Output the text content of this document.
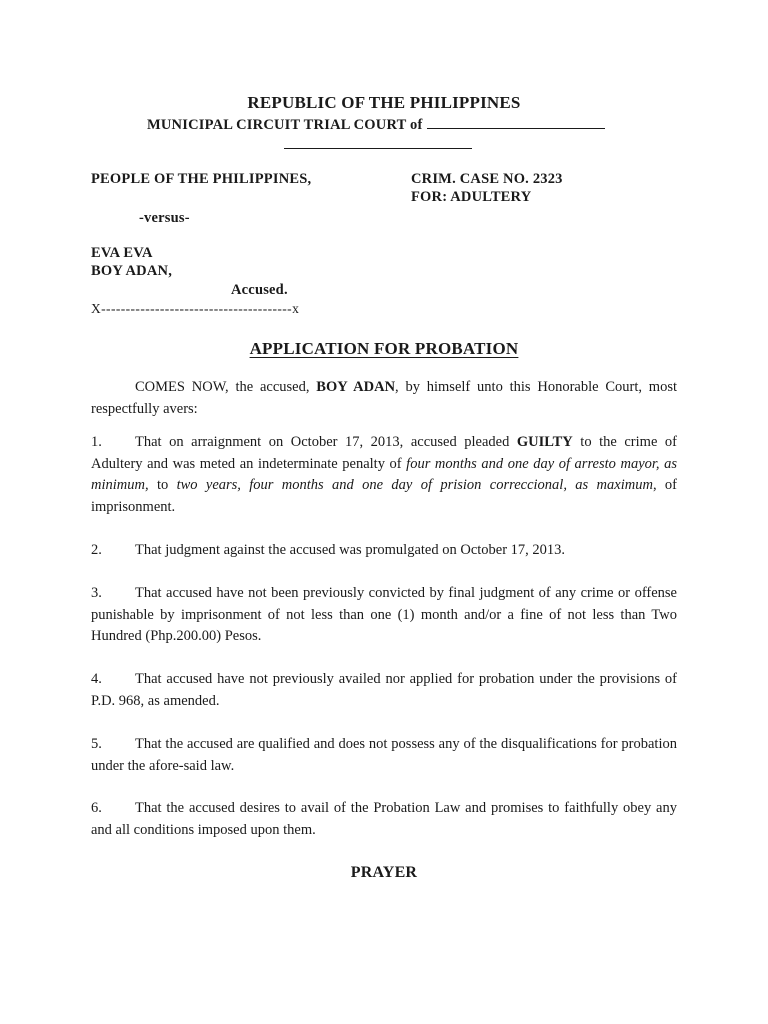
REPUBLIC OF THE PHILIPPINES
MUNICIPAL CIRCUIT TRIAL COURT of
PEOPLE OF THE PHILIPPINES,	CRIM. CASE NO. 2323
FOR: ADULTERY
-versus-
EVA EVA
BOY ADAN,
Accused.
X---------------------------------------x
APPLICATION FOR PROBATION
COMES NOW, the accused, BOY ADAN, by himself unto this Honorable Court, most respectfully avers:
1. That on arraignment on October 17, 2013, accused pleaded GUILTY to the crime of Adultery and was meted an indeterminate penalty of four months and one day of arresto mayor, as minimum, to two years, four months and one day of prision correccional, as maximum, of imprisonment.
2. That judgment against the accused was promulgated on October 17, 2013.
3. That accused have not been previously convicted by final judgment of any crime or offense punishable by imprisonment of not less than one (1) month and/or a fine of not less than Two Hundred (Php.200.00) Pesos.
4. That accused have not previously availed nor applied for probation under the provisions of P.D. 968, as amended.
5. That the accused are qualified and does not possess any of the disqualifications for probation under the afore-said law.
6. That the accused desires to avail of the Probation Law and promises to faithfully obey any and all conditions imposed upon them.
PRAYER
